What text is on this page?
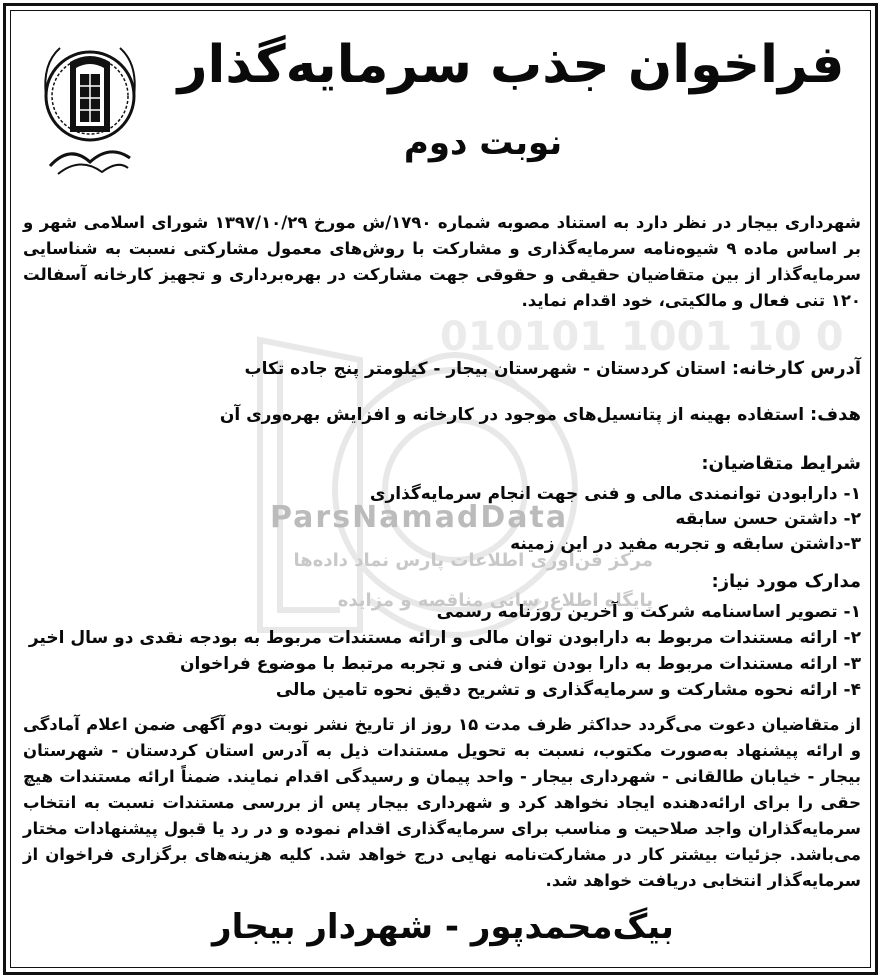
010101 1001 10 0
ParsNamadData
مرکز فن‌آوری اطلاعات پارس نماد داده‌ها
پایگاه اطلاع‌رسانی مناقصه و مزایده
فراخوان جذب سرمایه‌گذار
نوبت دوم

شهرداری بیجار در نظر دارد به استناد مصوبه شماره ۱۷۹۰/ش مورخ ۱۳۹۷/۱۰/۲۹ شورای اسلامی شهر و بر اساس ماده ۹ شیوه‌نامه سرمایه‌گذاری و مشارکت با روش‌های معمول مشارکتی نسبت به شناسایی سرمایه‌گذار از بین متقاضیان حقیقی و حقوقی جهت مشارکت در بهره‌برداری و تجهیز کارخانه آسفالت ۱۲۰ تنی فعال و مالکیتی، خود اقدام نماید.

آدرس کارخانه: استان کردستان - شهرستان بیجار - کیلومتر پنج جاده تکاب

هدف: استفاده بهینه از پتانسیل‌های موجود در کارخانه و افزایش بهره‌وری آن

شرایط متقاضیان:

۱- دارابودن توانمندی مالی و فنی جهت انجام سرمایه‌گذاری

۲- داشتن حسن سابقه

۳-داشتن سابقه و تجربه مفید در این زمینه

مدارک مورد نیاز:

۱- تصویر اساسنامه شرکت و آخرین روزنامه رسمی

۲- ارائه مستندات مربوط به دارابودن توان مالی و ارائه مستندات مربوط به بودجه نقدی دو سال اخیر

۳- ارائه مستندات مربوط به دارا بودن توان فنی و تجربه مرتبط با موضوع فراخوان

۴- ارائه نحوه مشارکت و سرمایه‌گذاری و تشریح دقیق نحوه تامین مالی

از متقاضیان دعوت می‌گردد حداکثر ظرف مدت ۱۵ روز از تاریخ نشر نوبت دوم آگهی ضمن اعلام آمادگی و ارائه پیشنهاد به‌صورت مکتوب، نسبت به تحویل مستندات ذیل به آدرس استان کردستان - شهرستان بیجار - خیابان طالقانی - شهرداری بیجار - واحد پیمان و رسیدگی اقدام نمایند. ضمناً ارائه مستندات هیچ حقی را برای ارائه‌دهنده ایجاد نخواهد کرد و شهرداری بیجار پس از بررسی مستندات نسبت به انتخاب سرمایه‌گذاران واجد صلاحیت و مناسب برای سرمایه‌گذاری اقدام نموده و در رد یا قبول پیشنهادات مختار می‌باشد. جزئیات بیشتر کار در مشارکت‌نامه نهایی درج خواهد شد. کلیه هزینه‌های برگزاری فراخوان از سرمایه‌گذار انتخابی دریافت خواهد شد.

بیگ‌محمدپور - شهردار بیجار
